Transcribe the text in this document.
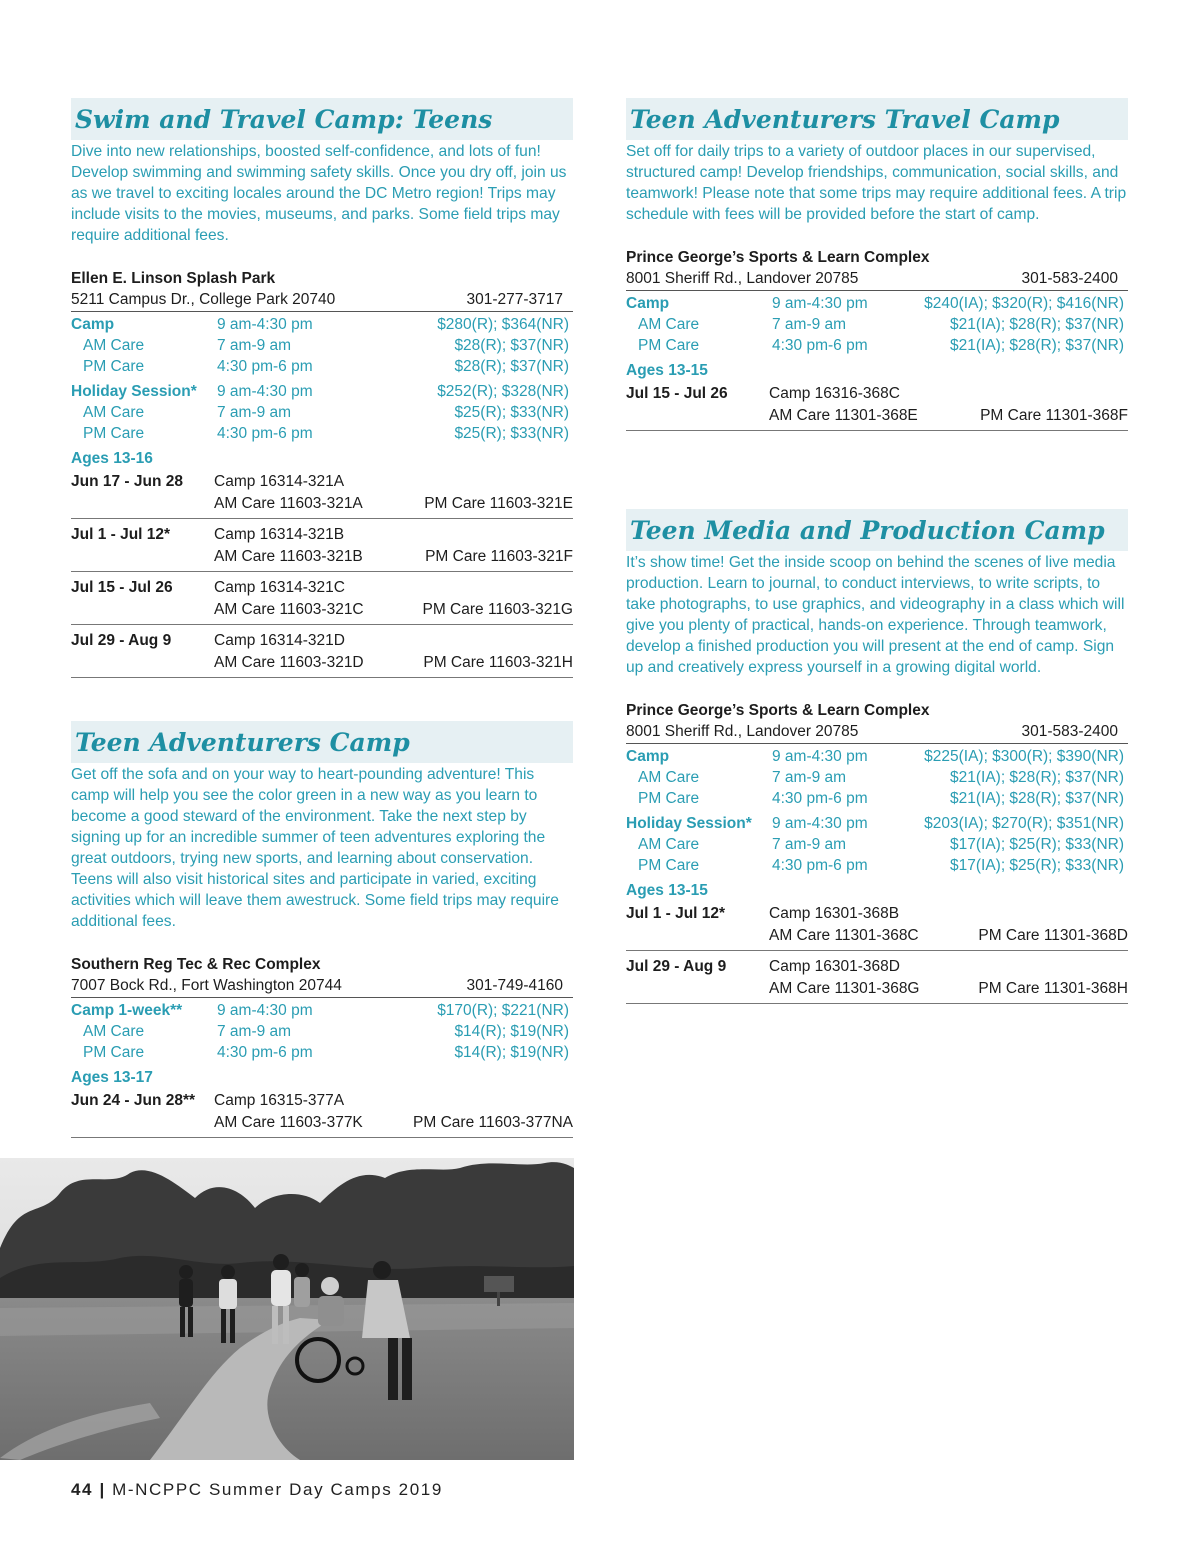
Swim and Travel Camp: Teens

Dive into new relationships, boosted self-confidence, and lots of fun! Develop swimming and swimming safety skills. Once you dry off, join us as we travel to exciting locales around the DC Metro region! Trips may include visits to the movies, museums, and parks. Some field trips may require additional fees.

Ellen E. Linson Splash Park
5211 Campus Dr., College Park 20740	301-277-3717
Camp	9 am-4:30 pm	$280(R); $364(NR)
AM Care	7 am-9 am	$28(R); $37(NR)
PM Care	4:30 pm-6 pm	$28(R); $37(NR)
Holiday Session*	9 am-4:30 pm	$252(R); $328(NR)
AM Care	7 am-9 am	$25(R); $33(NR)
PM Care	4:30 pm-6 pm	$25(R); $33(NR)
Ages 13-16
Jun 17 - Jun 28	Camp 16314-321A
AM Care 11603-321A	PM Care 11603-321E
Jul 1 - Jul 12*	Camp 16314-321B
AM Care 11603-321B	PM Care 11603-321F
Jul 15 - Jul 26	Camp 16314-321C
AM Care 11603-321C	PM Care 11603-321G
Jul 29 - Aug 9	Camp 16314-321D
AM Care 11603-321D	PM Care 11603-321H
Teen Adventurers Camp

Get off the sofa and on your way to heart-pounding adventure! This camp will help you see the color green in a new way as you learn to become a good steward of the environment. Take the next step by signing up for an incredible summer of teen adventures exploring the great outdoors, trying new sports, and learning about conservation. Teens will also visit historical sites and participate in varied, exciting activities which will leave them awestruck. Some field trips may require additional fees.

Southern Reg Tec & Rec Complex
7007 Bock Rd., Fort Washington 20744	301-749-4160
Camp 1-week**	9 am-4:30 pm	$170(R); $221(NR)
AM Care	7 am-9 am	$14(R); $19(NR)
PM Care	4:30 pm-6 pm	$14(R); $19(NR)
Ages 13-17
Jun 24 - Jun 28**	Camp 16315-377A
AM Care 11603-377K	PM Care 11603-377NA
Teen Adventurers Travel Camp

Set off for daily trips to a variety of outdoor places in our supervised, structured camp! Develop friendships, communication, social skills, and teamwork! Please note that some trips may require additional fees. A trip schedule with fees will be provided before the start of camp.

Prince George’s Sports & Learn Complex
8001 Sheriff Rd., Landover 20785	301-583-2400
Camp	9 am-4:30 pm	$240(IA); $320(R); $416(NR)
AM Care	7 am-9 am	$21(IA); $28(R); $37(NR)
PM Care	4:30 pm-6 pm	$21(IA); $28(R); $37(NR)
Ages 13-15
Jul 15 - Jul 26	Camp 16316-368C
AM Care 11301-368E	PM Care 11301-368F
Teen Media and Production Camp

It’s show time! Get the inside scoop on behind the scenes of live media production. Learn to journal, to conduct interviews, to write scripts, to take photographs, to use graphics, and videography in a class which will give you plenty of practical, hands-on experience. Through teamwork, develop a finished production you will present at the end of camp. Sign up and creatively express yourself in a growing digital world.

Prince George’s Sports & Learn Complex
8001 Sheriff Rd., Landover 20785	301-583-2400
Camp	9 am-4:30 pm	$225(IA); $300(R); $390(NR)
AM Care	7 am-9 am	$21(IA); $28(R); $37(NR)
PM Care	4:30 pm-6 pm	$21(IA); $28(R); $37(NR)
Holiday Session*	9 am-4:30 pm	$203(IA); $270(R); $351(NR)
AM Care	7 am-9 am	$17(IA); $25(R); $33(NR)
PM Care	4:30 pm-6 pm	$17(IA); $25(R); $33(NR)
Ages 13-15
Jul 1 - Jul 12*	Camp 16301-368B
AM Care 11301-368C	PM Care 11301-368D
Jul 29 - Aug 9	Camp 16301-368D
AM Care 11301-368G	PM Care 11301-368H
44 | M-NCPPC Summer Day Camps 2019
